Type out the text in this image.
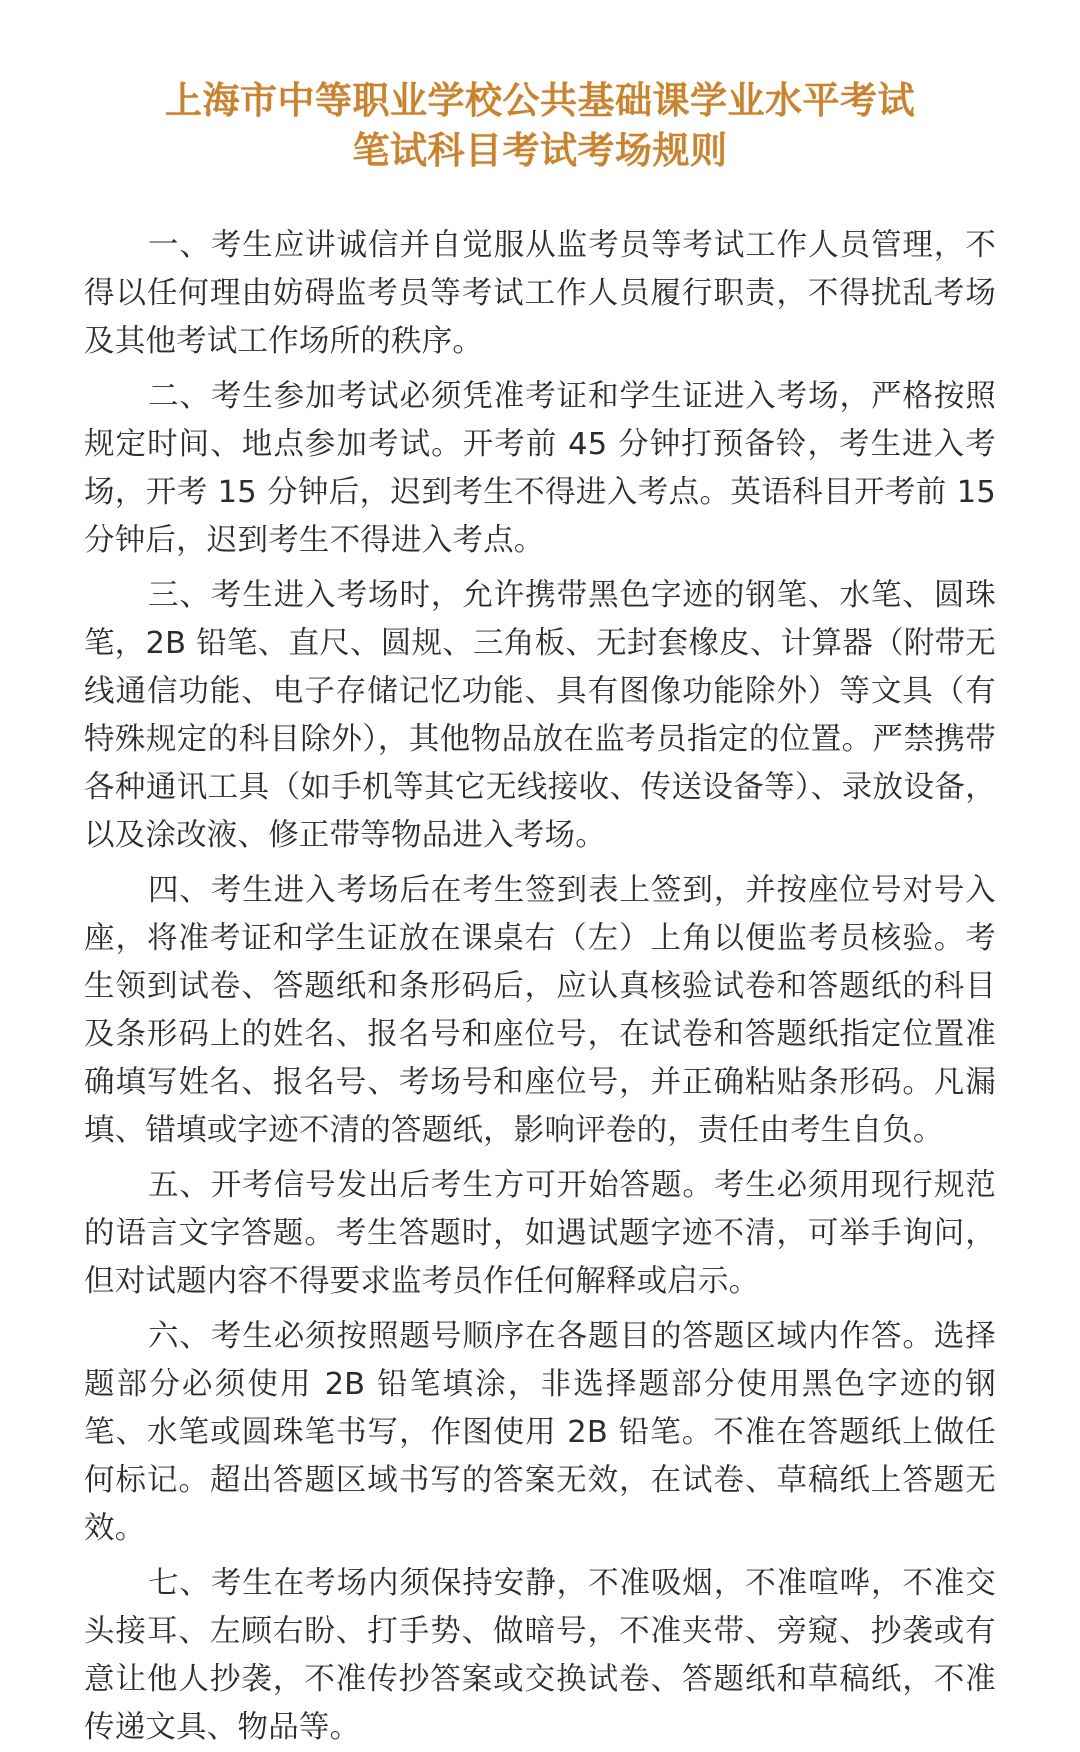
上海市中等职业学校公共基础课学业水平考试
笔试科目考试考场规则

一、考生应讲诚信并自觉服从监考员等考试工作人员管理，不得以任何理由妨碍监考员等考试工作人员履行职责，不得扰乱考场及其他考试工作场所的秩序。

二、考生参加考试必须凭准考证和学生证进入考场，严格按照规定时间、地点参加考试。开考前 45 分钟打预备铃，考生进入考场，开考 15 分钟后，迟到考生不得进入考点。英语科目开考前 15 分钟后，迟到考生不得进入考点。

三、考生进入考场时，允许携带黑色字迹的钢笔、水笔、圆珠笔，2B 铅笔、直尺、圆规、三角板、无封套橡皮、计算器（附带无线通信功能、电子存储记忆功能、具有图像功能除外）等文具（有特殊规定的科目除外），其他物品放在监考员指定的位置。严禁携带各种通讯工具（如手机等其它无线接收、传送设备等）、录放设备，以及涂改液、修正带等物品进入考场。

四、考生进入考场后在考生签到表上签到，并按座位号对号入座，将准考证和学生证放在课桌右（左）上角以便监考员核验。考生领到试卷、答题纸和条形码后，应认真核验试卷和答题纸的科目及条形码上的姓名、报名号和座位号，在试卷和答题纸指定位置准确填写姓名、报名号、考场号和座位号，并正确粘贴条形码。凡漏填、错填或字迹不清的答题纸，影响评卷的，责任由考生自负。

五、开考信号发出后考生方可开始答题。考生必须用现行规范的语言文字答题。考生答题时，如遇试题字迹不清，可举手询问，但对试题内容不得要求监考员作任何解释或启示。

六、考生必须按照题号顺序在各题目的答题区域内作答。选择题部分必须使用 2B 铅笔填涂，非选择题部分使用黑色字迹的钢笔、水笔或圆珠笔书写，作图使用 2B 铅笔。不准在答题纸上做任何标记。超出答题区域书写的答案无效，在试卷、草稿纸上答题无效。

七、考生在考场内须保持安静，不准吸烟，不准喧哗，不准交头接耳、左顾右盼、打手势、做暗号，不准夹带、旁窥、抄袭或有意让他人抄袭，不准传抄答案或交换试卷、答题纸和草稿纸，不准传递文具、物品等。
